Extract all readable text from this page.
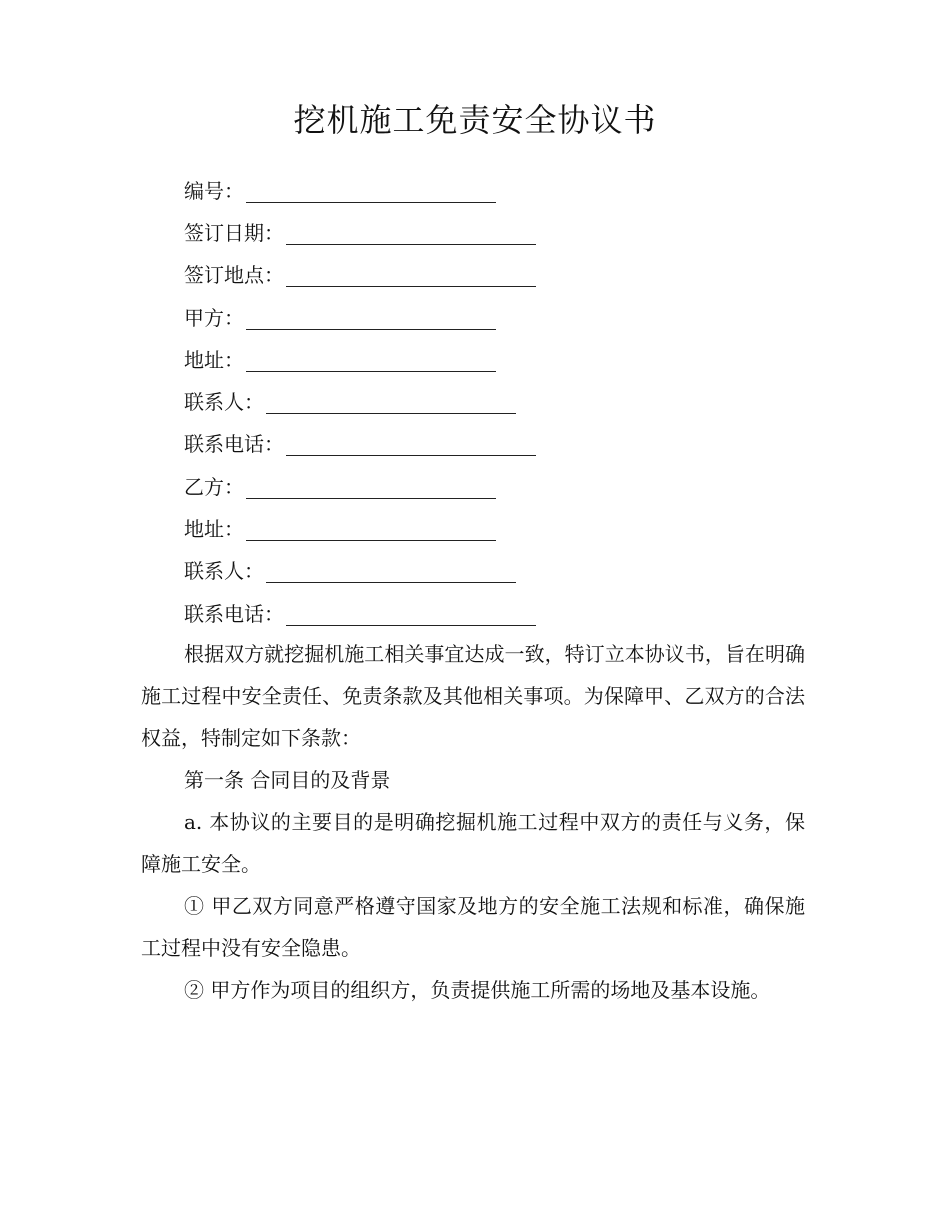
挖机施工免责安全协议书
编号：
签订日期：
签订地点：
甲方：
地址：
联系人：
联系电话：
乙方：
地址：
联系人：
联系电话：

根据双方就挖掘机施工相关事宜达成一致，特订立本协议书，旨在明确施工过程中安全责任、免责条款及其他相关事项。为保障甲、乙双方的合法权益，特制定如下条款：

第一条 合同目的及背景

a. 本协议的主要目的是明确挖掘机施工过程中双方的责任与义务，保障施工安全。

① 甲乙双方同意严格遵守国家及地方的安全施工法规和标准，确保施工过程中没有安全隐患。

② 甲方作为项目的组织方，负责提供施工所需的场地及基本设施。
